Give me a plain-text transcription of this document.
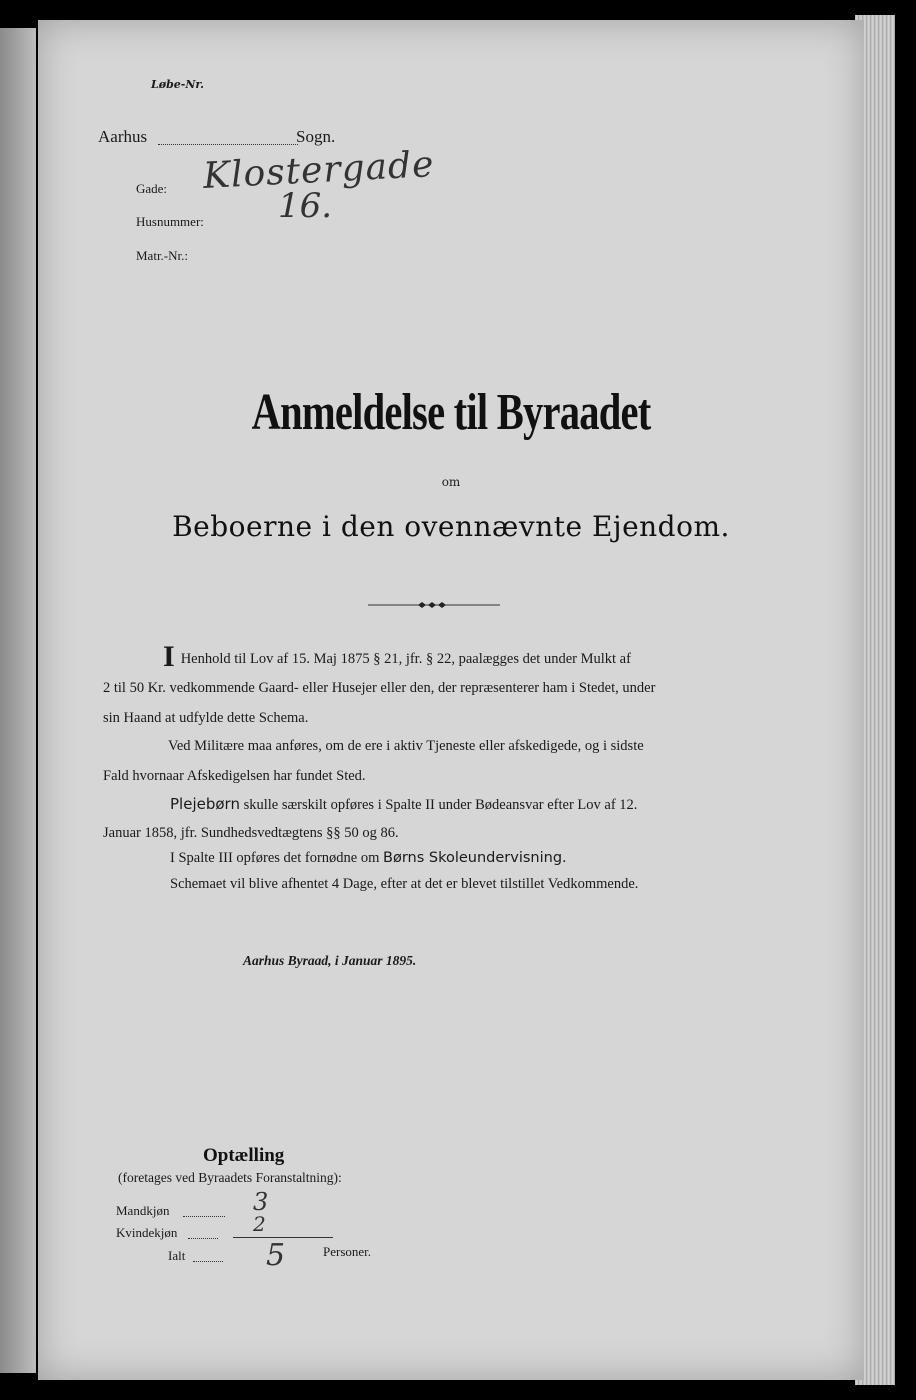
Løbe-Nr.
Aarhus	Sogn.
Gade: Klostergade
Husnummer: 16.
Matr.-Nr.:
Anmeldelse til Byraadet
om
Beboerne i den ovennævnte Ejendom.

I Henhold til Lov af 15. Maj 1875 § 21, jfr. § 22, paalægges det under Mulkt af

2 til 50 Kr. vedkommende Gaard- eller Husejer eller den, der repræsenterer ham i Stedet, under

sin Haand at udfylde dette Schema.

Ved Militære maa anføres, om de ere i aktiv Tjeneste eller afskedigede, og i sidste

Fald hvornaar Afskedigelsen har fundet Sted.

Plejebørn skulle særskilt opføres i Spalte II under Bødeansvar efter Lov af 12.

Januar 1858, jfr. Sundhedsvedtægtens §§ 50 og 86.

I Spalte III opføres det fornødne om Børns Skoleundervisning.

Schemaet vil blive afhentet 4 Dage, efter at det er blevet tilstillet Vedkommende.

Aarhus Byraad, i Januar 1895.
Optælling
(foretages ved Byraadets Foranstaltning):
Mandkjøn	3
Kvindekjøn	2
Ialt	5	Personer.
